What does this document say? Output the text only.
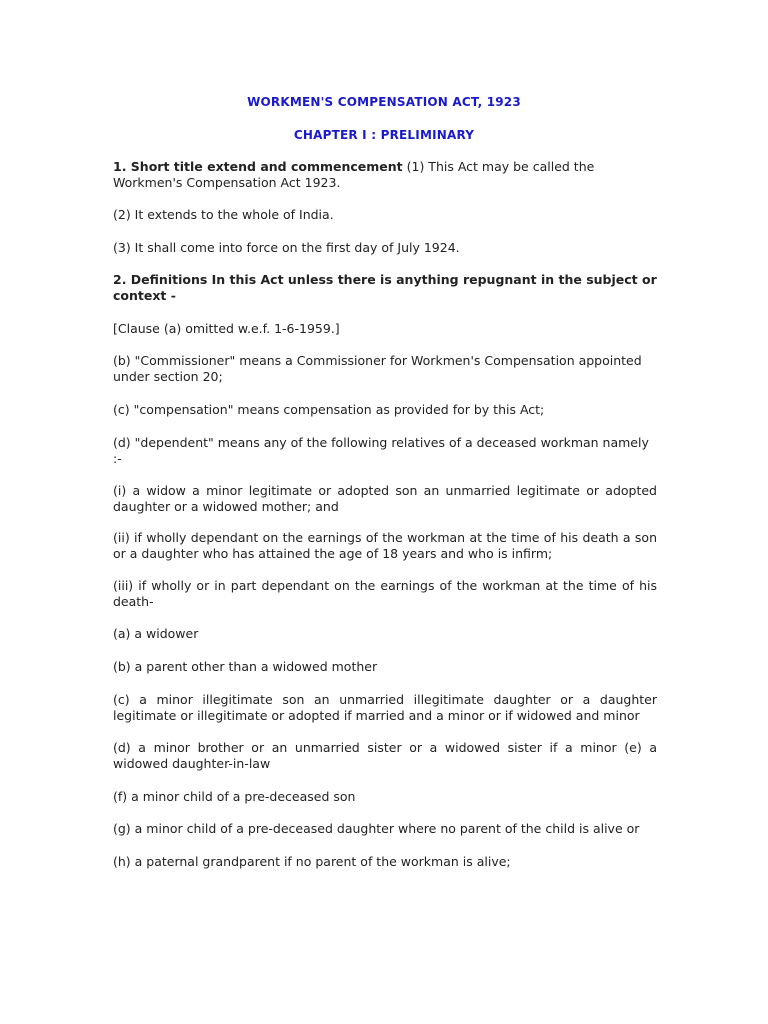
WORKMEN'S COMPENSATION ACT, 1923
CHAPTER I : PRELIMINARY

1. Short title extend and commencement (1) This Act may be called the Workmen's Compensation Act 1923.

(2) It extends to the whole of India.

(3) It shall come into force on the first day of July 1924.

2. Definitions In this Act unless there is anything repugnant in the subject or context -

[Clause (a) omitted w.e.f. 1-6-1959.]

(b) "Commissioner" means a Commissioner for Workmen's Compensation appointed under section 20;

(c) "compensation" means compensation as provided for by this Act;

(d) "dependent" means any of the following relatives of a deceased workman namely :-

(i) a widow a minor legitimate or adopted son an unmarried legitimate or adopted daughter or a widowed mother; and

(ii) if wholly dependant on the earnings of the workman at the time of his death a son or a daughter who has attained the age of 18 years and who is infirm;

(iii) if wholly or in part dependant on the earnings of the workman at the time of his death-

(a) a widower

(b) a parent other than a widowed mother

(c) a minor illegitimate son an unmarried illegitimate daughter or a daughter legitimate or illegitimate or adopted if married and a minor or if widowed and minor

(d) a minor brother or an unmarried sister or a widowed sister if a minor (e) a widowed daughter-in-law

(f) a minor child of a pre-deceased son

(g) a minor child of a pre-deceased daughter where no parent of the child is alive or

(h) a paternal grandparent if no parent of the workman is alive;
